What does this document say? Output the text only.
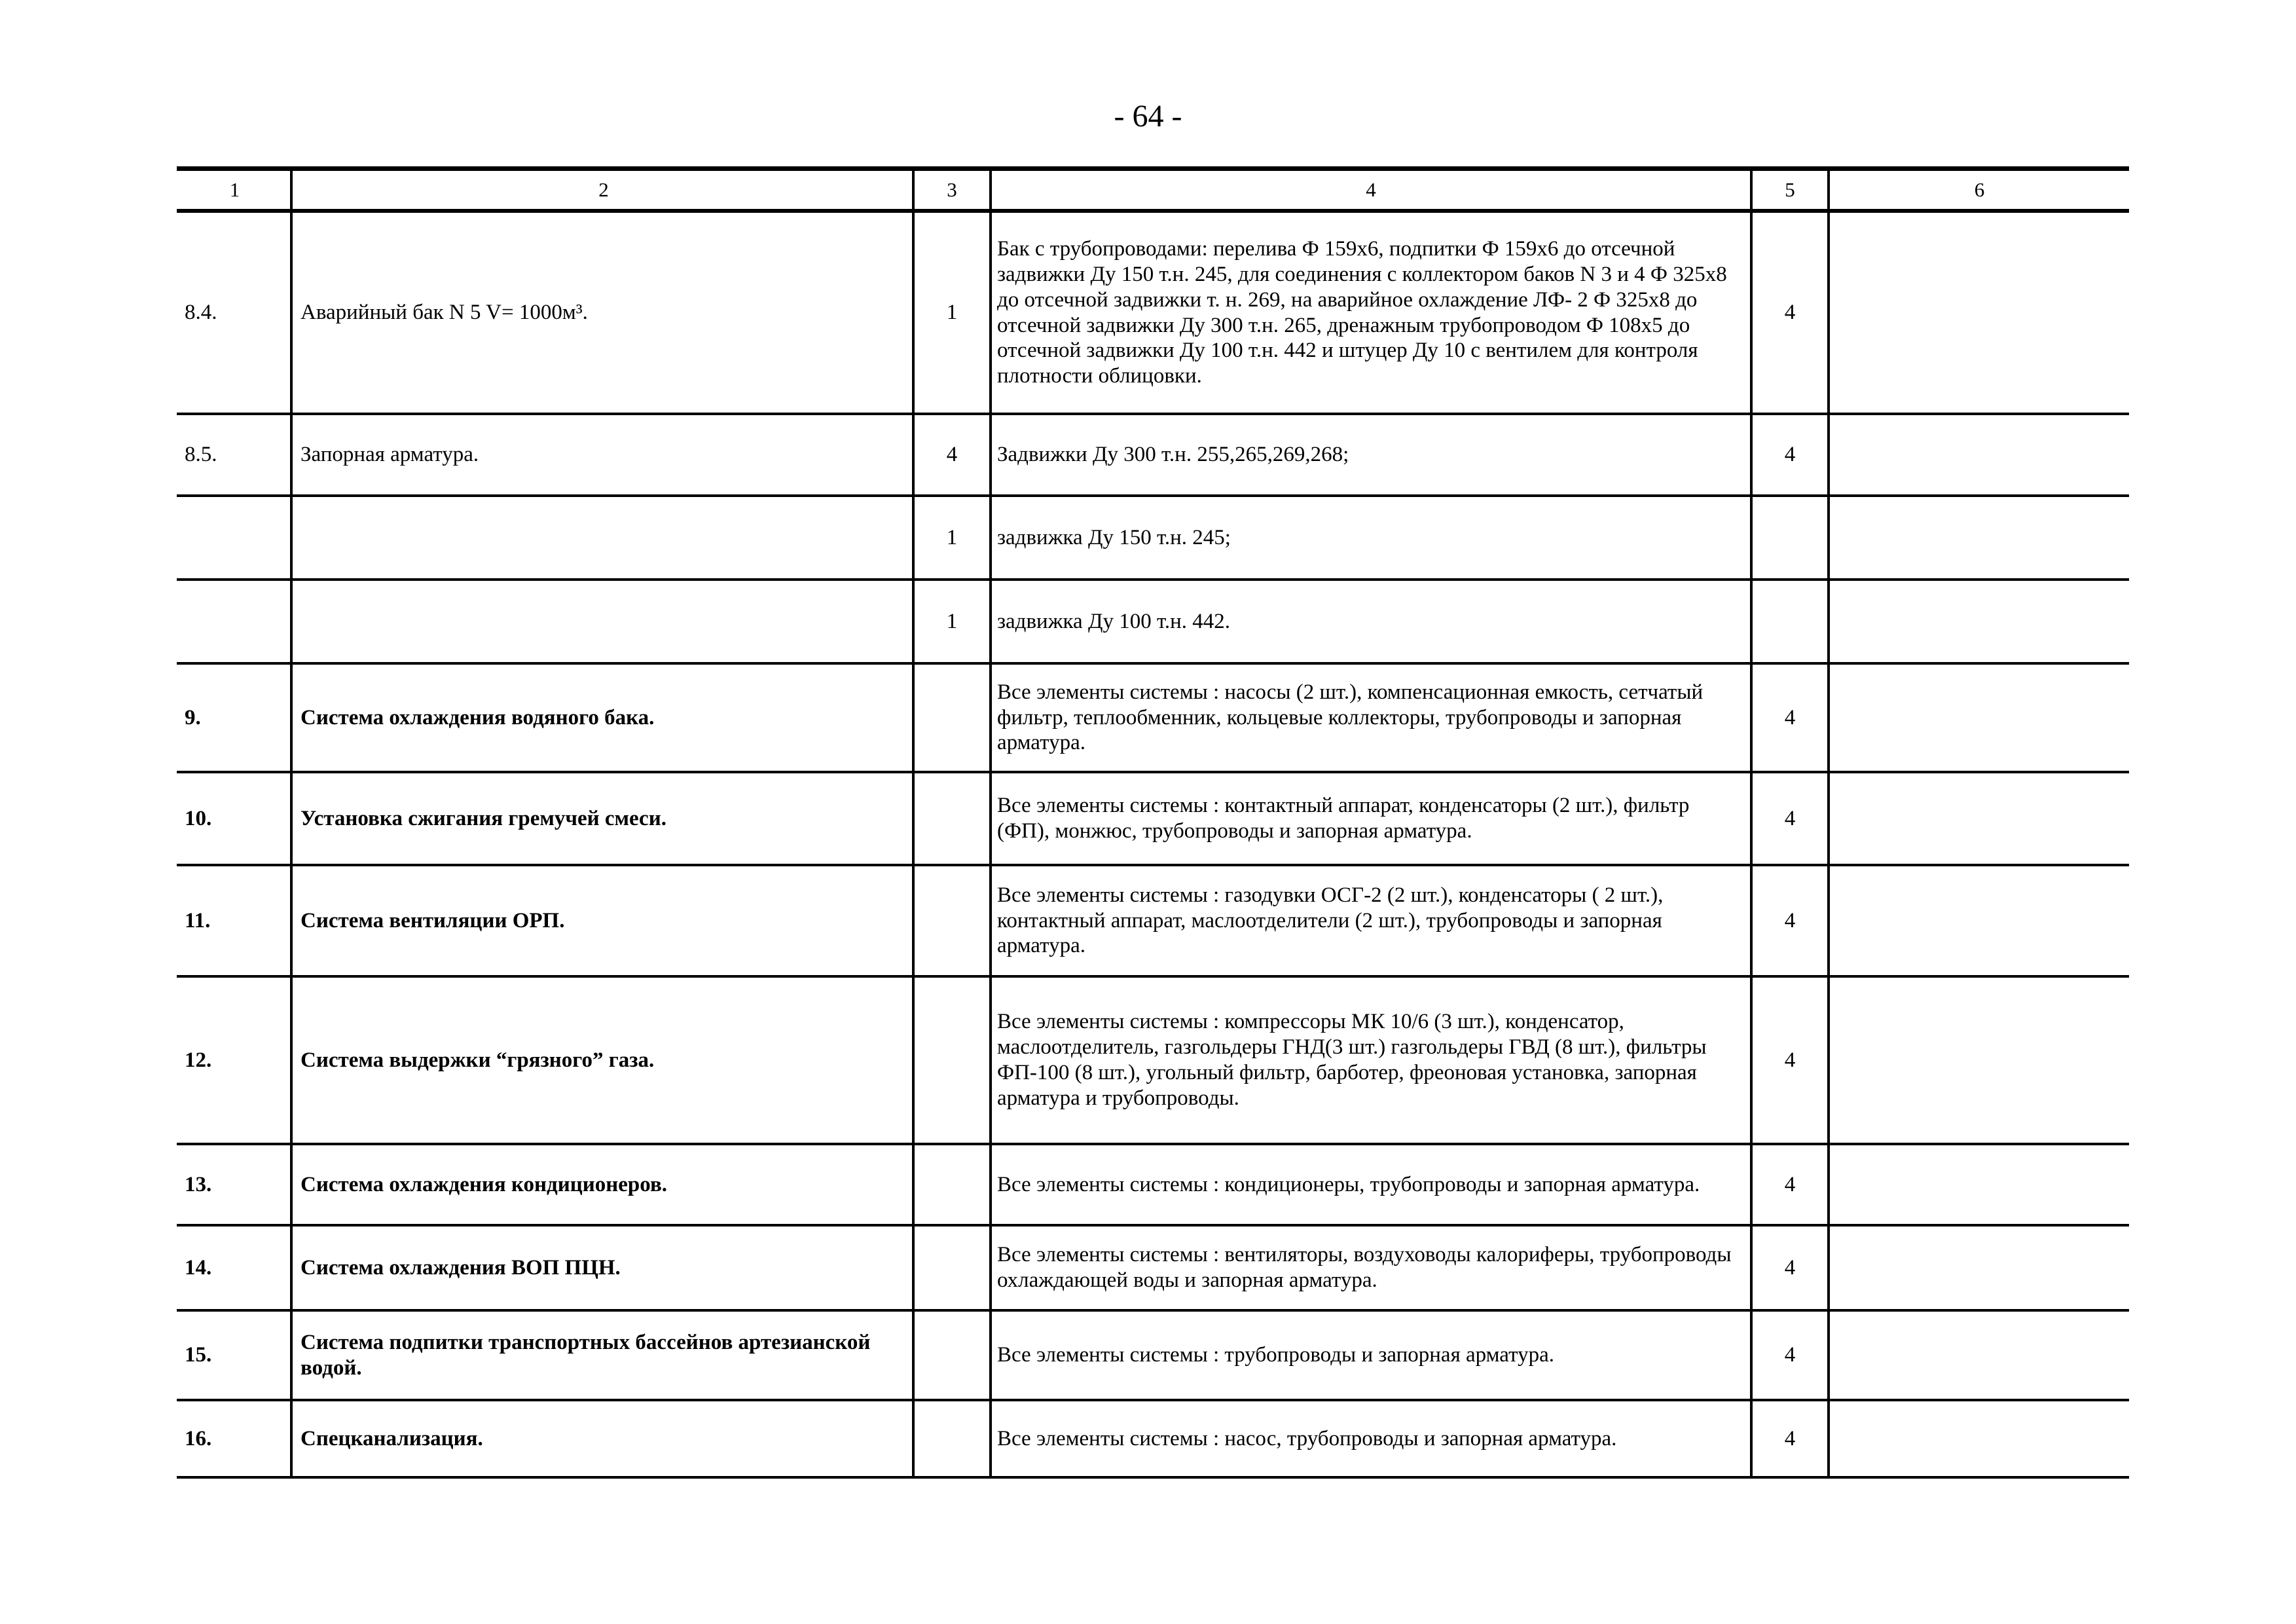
- 64 -
1	2	3	4	5	6
8.4.	Аварийный бак N 5 V= 1000м³.	1	Бак с трубопроводами: перелива Ф 159х6, подпитки Ф 159х6 до отсечной задвижки Ду 150 т.н. 245, для соединения с коллектором баков N 3 и 4 Ф 325х8 до отсечной задвижки т. н. 269, на аварийное охлаждение ЛФ- 2 Ф 325х8 до отсечной задвижки Ду 300 т.н. 265, дренажным трубопроводом Ф 108х5 до отсечной задвижки Ду 100 т.н. 442 и штуцер Ду 10 с вентилем для контроля плотности облицовки.	4	
8.5.	Запорная арматура.	4	Задвижки Ду 300 т.н. 255,265,269,268;	4	
		1	задвижка Ду 150 т.н. 245;		
		1	задвижка Ду 100 т.н. 442.		
9.	Система охлаждения водяного бака.		Все элементы системы : насосы (2 шт.), компенсационная емкость, сетчатый фильтр, теплообменник, кольцевые коллекторы, трубопроводы и запорная арматура.	4	
10.	Установка сжигания гремучей смеси.		Все элементы системы : контактный аппарат, конденсаторы (2 шт.), фильтр (ФП), монжюс, трубопроводы и запорная арматура.	4	
11.	Система вентиляции ОРП.		Все элементы системы : газодувки ОСГ-2 (2 шт.), конденсаторы ( 2 шт.), контактный аппарат, маслоотделители (2 шт.), трубопроводы и запорная арматура.	4	
12.	Система выдержки “грязного” газа.		Все элементы системы : компрессоры МК 10/6 (3 шт.), конденсатор, маслоотделитель, газгольдеры ГНД(3 шт.) газгольдеры ГВД (8 шт.), фильтры ФП-100 (8 шт.), угольный фильтр, барботер, фреоновая установка, запорная арматура и трубопроводы.	4	
13.	Система охлаждения кондиционеров.		Все элементы системы : кондиционеры, трубопроводы и запорная арматура.	4	
14.	Система охлаждения ВОП ПЦН.		Все элементы системы : вентиляторы, воздуховоды калориферы, трубопроводы охлаждающей воды и запорная арматура.	4	
15.	Система подпитки транспортных бассейнов артезианской водой.		Все элементы системы : трубопроводы и запорная арматура.	4	
16.	Спецканализация.		Все элементы системы : насос, трубопроводы и запорная арматура.	4	
